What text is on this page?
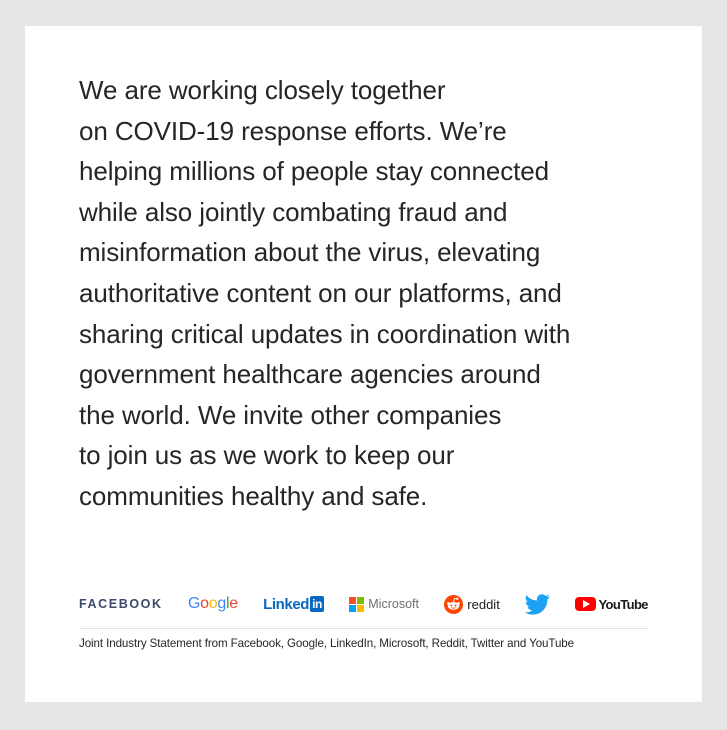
We are working closely together
on COVID-19 response efforts. We’re
helping millions of people stay connected
while also jointly combating fraud and
misinformation about the virus, elevating
authoritative content on our platforms, and
sharing critical updates in coordination with
government healthcare agencies around
the world. We invite other companies
to join us as we work to keep our
communities healthy and safe.

FACEBOOK G o o g l e Linked in	Microsoft	reddit	YouTube
Joint Industry Statement from Facebook, Google, LinkedIn, Microsoft, Reddit, Twitter and YouTube
